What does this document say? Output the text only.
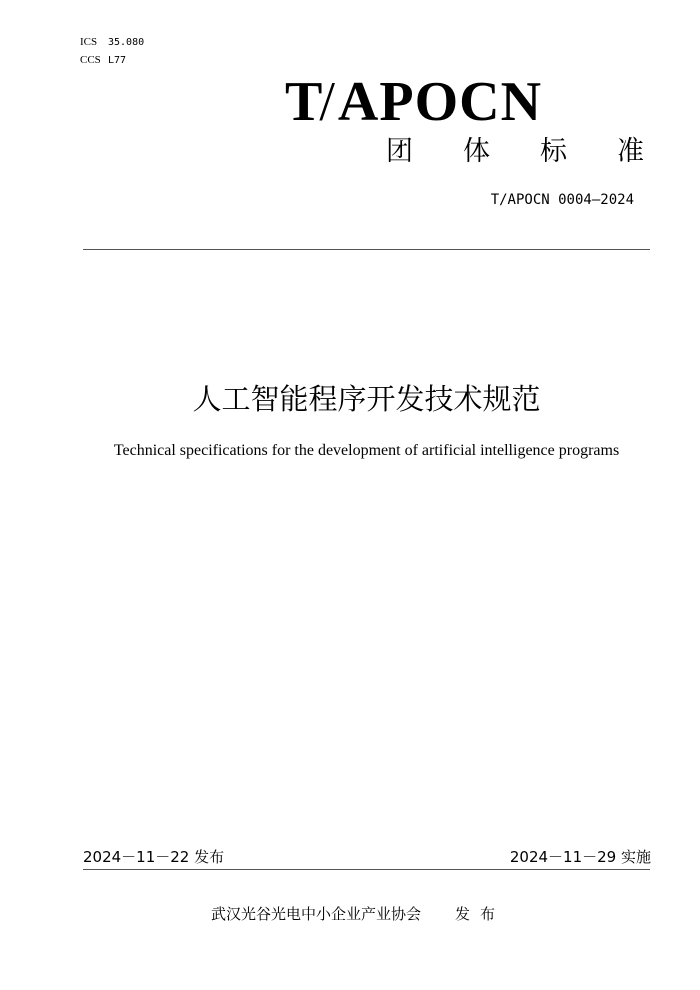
ICS 35.080
CCS L77
T/APOCN
团体标准
T/APOCN 0004—2024
人工智能程序开发技术规范
Technical specifications for the development of artificial intelligence programs
2024－11－22 发布	2024－11－29 实施
武汉光谷光电中小企业产业协会 发布
